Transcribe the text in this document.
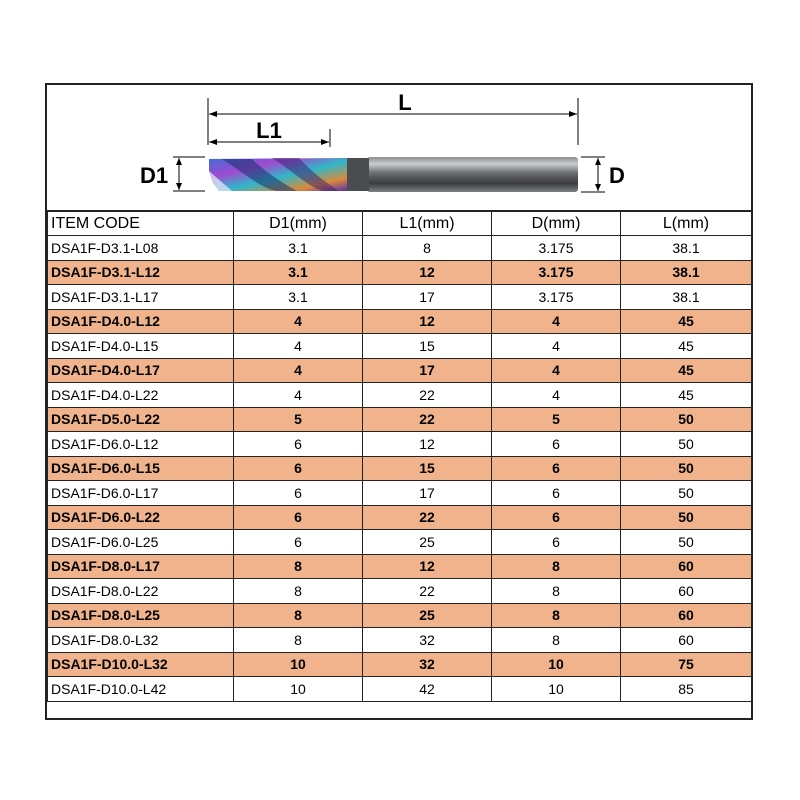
L
L1
D1	D
ITEM CODE	D1(mm)	L1(mm)	D(mm)	L(mm)
DSA1F-D3.1-L08	3.1	8	3.175	38.1
DSA1F-D3.1-L12	3.1	12	3.175	38.1
DSA1F-D3.1-L17	3.1	17	3.175	38.1
DSA1F-D4.0-L12	4	12	4	45
DSA1F-D4.0-L15	4	15	4	45
DSA1F-D4.0-L17	4	17	4	45
DSA1F-D4.0-L22	4	22	4	45
DSA1F-D5.0-L22	5	22	5	50
DSA1F-D6.0-L12	6	12	6	50
DSA1F-D6.0-L15	6	15	6	50
DSA1F-D6.0-L17	6	17	6	50
DSA1F-D6.0-L22	6	22	6	50
DSA1F-D6.0-L25	6	25	6	50
DSA1F-D8.0-L17	8	12	8	60
DSA1F-D8.0-L22	8	22	8	60
DSA1F-D8.0-L25	8	25	8	60
DSA1F-D8.0-L32	8	32	8	60
DSA1F-D10.0-L32	10	32	10	75
DSA1F-D10.0-L42	10	42	10	85
